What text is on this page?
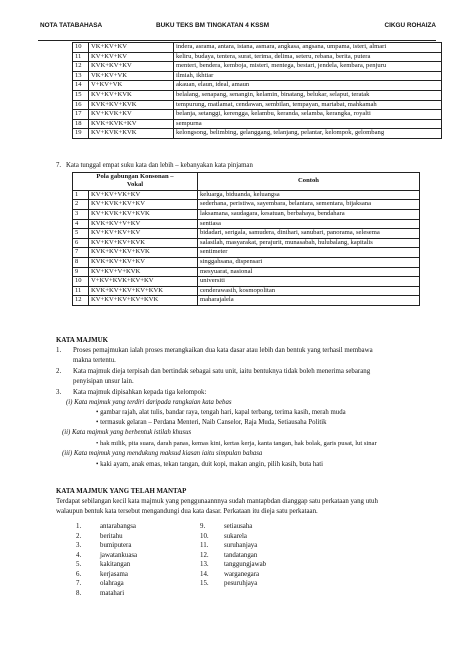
NOTA TATABAHASA	BUKU TEKS BM TINGKATAN 4 KSSM	CIKGU ROHAIZA
10	VK+KV+KV	indera, asrama, antara, istana, asmara, angkasa, angsana, umpama, isteri, almari
11	KV+KV+KV	keliru, budaya, tentera, surat, terima, delima, seteru, rebana, berita, putera
12	KVK+KV+KV	menteri, bendera, kemboja, misteri, mentega, bestari, jendela, kembara, penjuru
13	VK+KV+VK	ilmiah, ikhtiar
14	V+KV+VK	akauan, elaun, ideal, amaun
15	KV+KV+KVK	belalang, senapang, senangin, kelamin, binatang, belukar, selaput, teratak
16	KVK+KV+KVK	tempurung, matlamat, cendawan, sembilan, tempayan, martabat, mahkamah
17	KV+KVK+KV	belanja, setanggi, kerengga, kelambu, keranda, selamba, kerangka, royalti
18	KVK+KVK+KV	sempurna
19	KV+KVK+KVK	kelongsong, belimbing, gelanggang, telanjang, pelantar, kelompok, gelombang
7. Kata tunggal empat suku kata dan lebih – kebanyakan kata pinjaman
Pola gabungan Konsonan –
Vokal		Contoh
1	KV+KV+VK+KV	keluarga, biduanda, keluangsa
2	KV+KVK+KV+KV	sederhana, peristiwa, sayembara, belantara, sementara, bijaksana
3	KV+KVK+KV+KVK	laksamana, saudagara, kesatuan, berbahaya, bendahara
4	KVK+KV+V+KV	sentiasa
5	KV+KV+KV+KV	bidadari, serigala, samudera, dinihari, sanubari, panorama, selesema
6	KV+KV+KV+KVK	salasilah, masyarakat, perajurit, munasabah, hulubalang, kapitalis
7	KVK+KV+KV+KVK	sentimeter
8	KVK+KV+KV+KV	singgahsana, dispensari
9	KV+KV+V+KVK	mesyuarat, nasional
10	V+KV+KVK+KV+KV	universiti
11	KVK+KV+KV+KV+KVK	cenderawasih, kosmopolitan
12	KV+KV+KV+KV+KVK	maharajalela
KATA MAJMUK
1. Proses pemajmukan ialah proses merangkaikan dua kata dasar atau lebih dan bentuk yang terhasil membawa
makna tertentu.
2. Kata majmuk dieja terpisah dan bertindak sebagai satu unit, iaitu bentuknya tidak boleh menerima sebarang
penyisipan unsur lain.
3. Kata majmuk dipisahkan kepada tiga kelompok:
(i) Kata majmuk yang terdiri daripada rangkaian kata bebas
• gambar rajah, alat tulis, bandar raya, tengah hari, kapal terbang, terima kasih, merah muda
• termasuk gelaran – Perdana Menteri, Naib Canselor, Raja Muda, Setiausaha Politik
(ii) Kata majmuk yang berbentuk istilah khusus
• hak milik, pita suara, darah panas, kemas kini, kertas kerja, kanta tangan, hak bolak, garis pusat, lut sinar
(iii) Kata majmuk yang mendukung maksud kiasan iaitu simpulan bahasa
• kaki ayam, anak emas, tekan tangan, duit kopi, makan angin, pilih kasih, buta hati
KATA MAJMUK YANG TELAH MANTAP
Terdapat sebilangan kecil kata majmuk yang penggunaannnya sudah mantapbdan dianggap satu perkataan yang utuh
walaupun bentuk kata tersebut mengandungi dua kata dasar. Perkataan itu dieja satu perkataan.
1.	antarabangsa
2.	beritahu
3.	bumiputera
4.	jawatankuasa
5.	kakitangan
6.	kerjasama
7.	olahraga
8.	matahari
9.	setiausaha
10. sukarela
11. suruhanjaya
12. tandatangan
13. tanggungjawab
14. warganegara
15. pesuruhjaya
